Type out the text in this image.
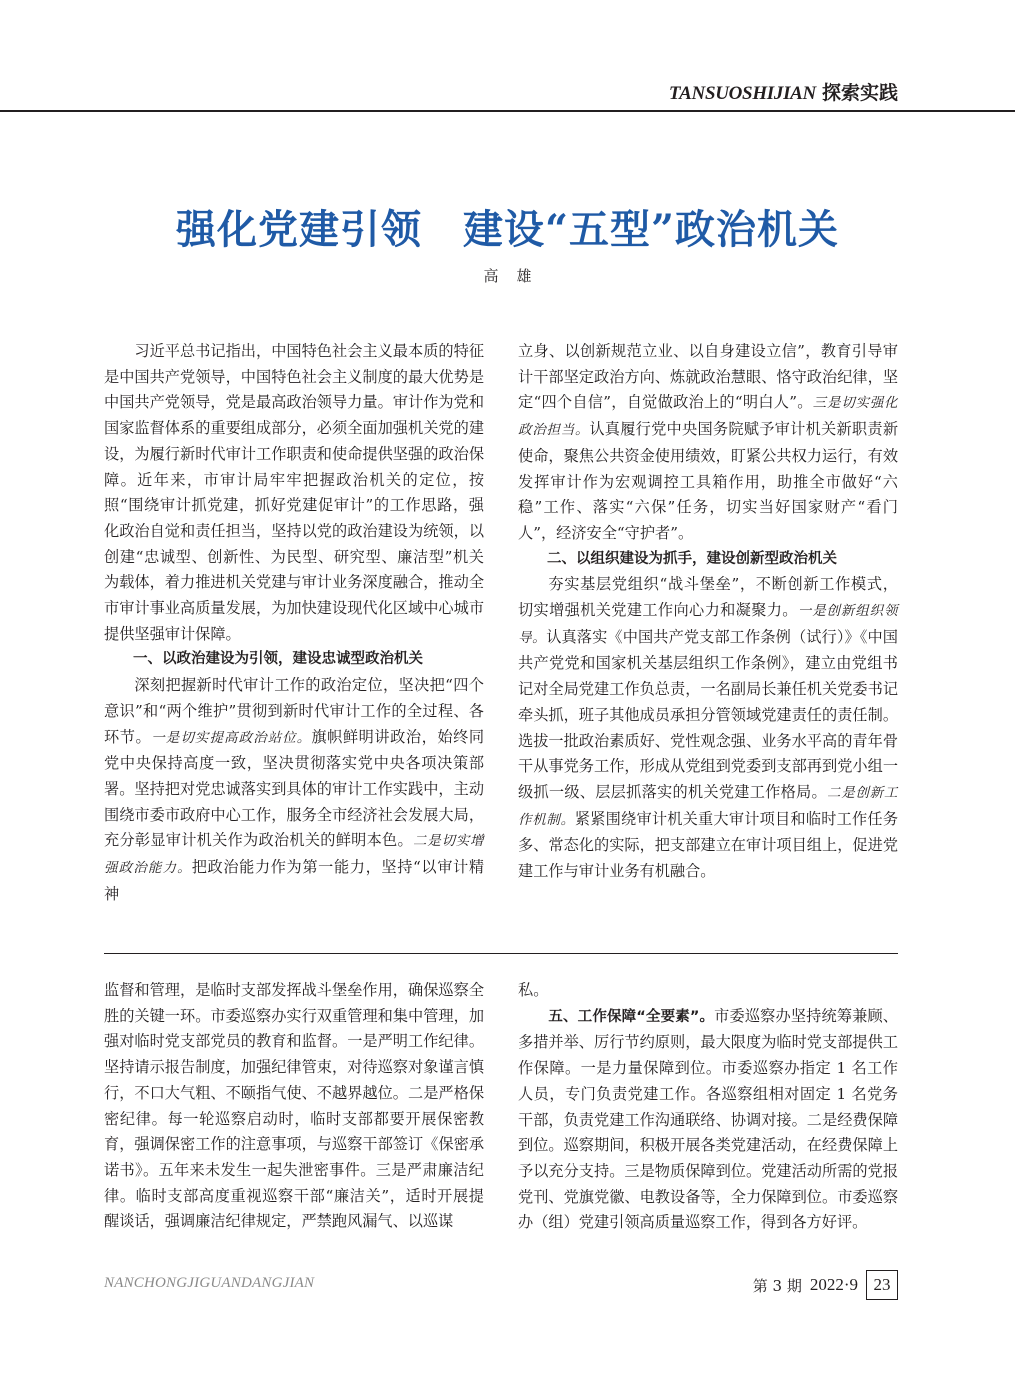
TANSUOSHIJIAN 探索实践
强化党建引领　建设“五型”政治机关
高雄

习近平总书记指出，中国特色社会主义最本质的特征是中国共产党领导，中国特色社会主义制度的最大优势是中国共产党领导，党是最高政治领导力量。审计作为党和国家监督体系的重要组成部分，必须全面加强机关党的建设，为履行新时代审计工作职责和使命提供坚强的政治保障。近年来，市审计局牢牢把握政治机关的定位，按照“围绕审计抓党建，抓好党建促审计”的工作思路，强化政治自觉和责任担当，坚持以党的政治建设为统领，以创建“忠诚型、创新性、为民型、研究型、廉洁型”机关为载体，着力推进机关党建与审计业务深度融合，推动全市审计事业高质量发展，为加快建设现代化区域中心城市提供坚强审计保障。

一、以政治建设为引领，建设忠诚型政治机关

深刻把握新时代审计工作的政治定位，坚决把“四个意识”和“两个维护”贯彻到新时代审计工作的全过程、各环节。一是切实提高政治站位。旗帜鲜明讲政治，始终同党中央保持高度一致，坚决贯彻落实党中央各项决策部署。坚持把对党忠诚落实到具体的审计工作实践中，主动围绕市委市政府中心工作，服务全市经济社会发展大局，充分彰显审计机关作为政治机关的鲜明本色。二是切实增强政治能力。把政治能力作为第一能力，坚持“以审计精神

立身、以创新规范立业、以自身建设立信”，教育引导审计干部坚定政治方向、炼就政治慧眼、恪守政治纪律，坚定“四个自信”，自觉做政治上的“明白人”。三是切实强化政治担当。认真履行党中央国务院赋予审计机关新职责新使命，聚焦公共资金使用绩效，盯紧公共权力运行，有效发挥审计作为宏观调控工具箱作用，助推全市做好“六稳”工作、落实“六保”任务，切实当好国家财产“看门人”，经济安全“守护者”。

二、以组织建设为抓手，建设创新型政治机关

夯实基层党组织“战斗堡垒”，不断创新工作模式，切实增强机关党建工作向心力和凝聚力。一是创新组织领导。认真落实《中国共产党支部工作条例（试行）》《中国共产党党和国家机关基层组织工作条例》，建立由党组书记对全局党建工作负总责，一名副局长兼任机关党委书记牵头抓，班子其他成员承担分管领域党建责任的责任制。选拔一批政治素质好、党性观念强、业务水平高的青年骨干从事党务工作，形成从党组到党委到支部再到党小组一级抓一级、层层抓落实的机关党建工作格局。二是创新工作机制。紧紧围绕审计机关重大审计项目和临时工作任务多、常态化的实际，把支部建立在审计项目组上，促进党建工作与审计业务有机融合。

监督和管理，是临时支部发挥战斗堡垒作用，确保巡察全胜的关键一环。市委巡察办实行双重管理和集中管理，加强对临时党支部党员的教育和监督。一是严明工作纪律。坚持请示报告制度，加强纪律管束，对待巡察对象谨言慎行，不口大气粗、不颐指气使、不越界越位。二是严格保密纪律。每一轮巡察启动时，临时支部都要开展保密教育，强调保密工作的注意事项，与巡察干部签订《保密承诺书》。五年来未发生一起失泄密事件。三是严肃廉洁纪律。临时支部高度重视巡察干部“廉洁关”，适时开展提醒谈话，强调廉洁纪律规定，严禁跑风漏气、以巡谋

私。

五、工作保障“全要素”。市委巡察办坚持统筹兼顾、多措并举、厉行节约原则，最大限度为临时党支部提供工作保障。一是力量保障到位。市委巡察办指定 1 名工作人员，专门负责党建工作。各巡察组相对固定 1 名党务干部，负责党建工作沟通联络、协调对接。二是经费保障到位。巡察期间，积极开展各类党建活动，在经费保障上予以充分支持。三是物质保障到位。党建活动所需的党报党刊、党旗党徽、电教设备等，全力保障到位。市委巡察办（组）党建引领高质量巡察工作，得到各方好评。

NANCHONGJIGUANDANGJIAN	第 3 期 2022·9 23
